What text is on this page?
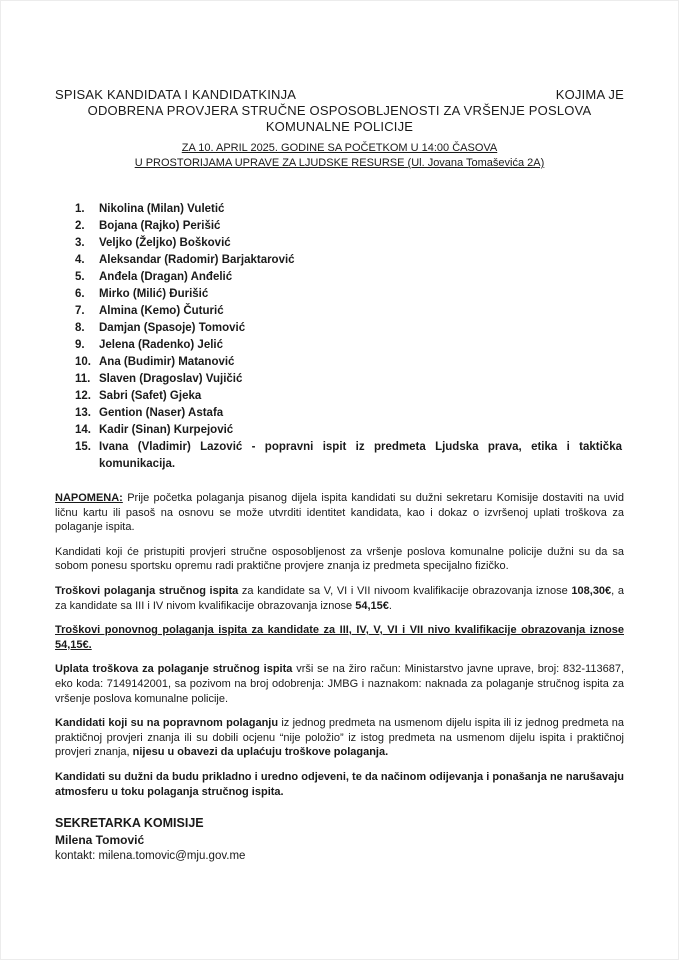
SPISAK KANDIDATA I KANDIDATKINJA	KOJIMA JE
ODOBRENA PROVJERA STRUČNE OSPOSOBLJENOSTI ZA VRŠENJE POSLOVA
KOMUNALNE POLICIJE
ZA 10. APRIL 2025. GODINE SA POČETKOM U 14:00 ČASOVA
U PROSTORIJAMA UPRAVE ZA LJUDSKE RESURSE (Ul. Jovana Tomaševića 2A)
1.	Nikolina (Milan) Vuletić
2.	Bojana (Rajko) Perišić
3.	Veljko (Željko) Bošković
4.	Aleksandar (Radomir) Barjaktarović
5.	Anđela (Dragan) Anđelić
6.	Mirko (Milić) Đurišić
7.	Almina (Kemo) Čuturić
8.	Damjan (Spasoje) Tomović
9.	Jelena (Radenko) Jelić
10. Ana (Budimir) Matanović
11. Slaven (Dragoslav) Vujičić
12. Sabri (Safet) Gjeka
13. Gention (Naser) Astafa
14. Kadir (Sinan) Kurpejović
15. Ivana (Vladimir) Lazović - popravni ispit iz predmeta Ljudska prava, etika i taktička komunikacija.

NAPOMENA: Prije početka polaganja pisanog dijela ispita kandidati su dužni sekretaru Komisije dostaviti na uvid ličnu kartu ili pasoš na osnovu se može utvrditi identitet kandidata, kao i dokaz o izvršenoj uplati troškova za polaganje ispita.

Kandidati koji će pristupiti provjeri stručne osposobljenost za vršenje poslova komunalne policije dužni su da sa sobom ponesu sportsku opremu radi praktične provjere znanja iz predmeta specijalno fizičko.

Troškovi polaganja stručnog ispita za kandidate sa V, VI i VII nivoom kvalifikacije obrazovanja iznose 108,30€, a za kandidate sa III i IV nivom kvalifikacije obrazovanja iznose 54,15€.

Troškovi ponovnog polaganja ispita za kandidate za III, IV, V, VI i VII nivo kvalifikacije obrazovanja iznose 54,15€.

Uplata troškova za polaganje stručnog ispita vrši se na žiro račun: Ministarstvo javne uprave, broj: 832-113687, eko koda: 7149142001, sa pozivom na broj odobrenja: JMBG i naznakom: naknada za polaganje stručnog ispita za vršenje poslova komunalne policije.

Kandidati koji su na popravnom polaganju iz jednog predmeta na usmenom dijelu ispita ili iz jednog predmeta na praktičnoj provjeri znanja ili su dobili ocjenu “nije položio” iz istog predmeta na usmenom dijelu ispita i praktičnoj provjeri znanja, nijesu u obavezi da uplaćuju troškove polaganja.

Kandidati su dužni da budu prikladno i uredno odjeveni, te da načinom odijevanja i ponašanja ne narušavaju atmosferu u toku polaganja stručnog ispita.

SEKRETARKA KOMISIJE
Milena Tomović
kontakt: milena.tomovic@mju.gov.me
